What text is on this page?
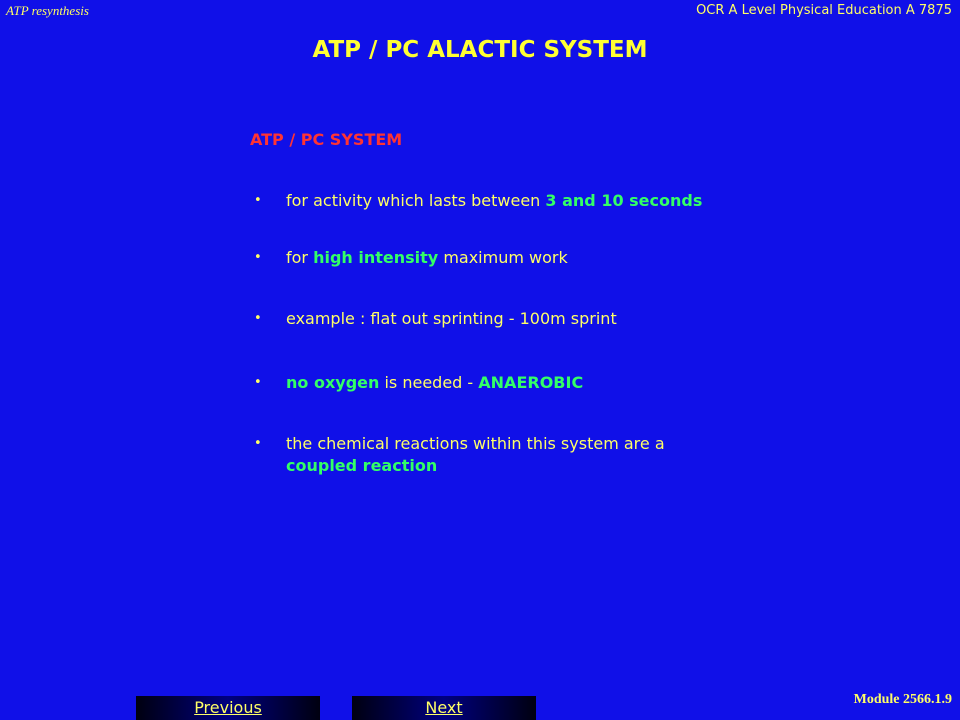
ATP resynthesis	OCR A Level Physical Education A 7875
ATP / PC ALACTIC SYSTEM
ATP / PC SYSTEM
• for activity which lasts between 3 and 10 seconds
• for high intensity maximum work
• example : flat out sprinting - 100m sprint
• no oxygen is needed - ANAEROBIC
• the chemical reactions within this system are a coupled reaction
Module 2566.1.9
Previous	Next
